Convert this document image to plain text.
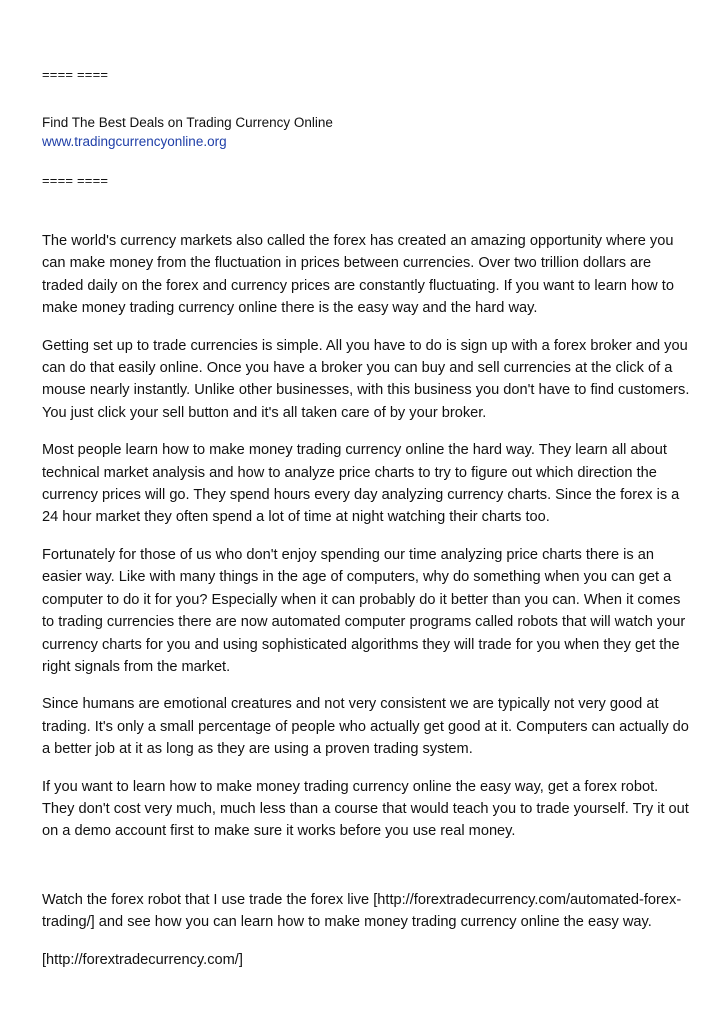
==== ====

Find The Best Deals on Trading Currency Online

www.tradingcurrencyonline.org

==== ====

The world's currency markets also called the forex has created an amazing opportunity where you can make money from the fluctuation in prices between currencies. Over two trillion dollars are traded daily on the forex and currency prices are constantly fluctuating. If you want to learn how to make money trading currency online there is the easy way and the hard way.

Getting set up to trade currencies is simple. All you have to do is sign up with a forex broker and you can do that easily online. Once you have a broker you can buy and sell currencies at the click of a mouse nearly instantly. Unlike other businesses, with this business you don't have to find customers. You just click your sell button and it's all taken care of by your broker.

Most people learn how to make money trading currency online the hard way. They learn all about technical market analysis and how to analyze price charts to try to figure out which direction the currency prices will go. They spend hours every day analyzing currency charts. Since the forex is a 24 hour market they often spend a lot of time at night watching their charts too.

Fortunately for those of us who don't enjoy spending our time analyzing price charts there is an easier way. Like with many things in the age of computers, why do something when you can get a computer to do it for you? Especially when it can probably do it better than you can. When it comes to trading currencies there are now automated computer programs called robots that will watch your currency charts for you and using sophisticated algorithms they will trade for you when they get the right signals from the market.

Since humans are emotional creatures and not very consistent we are typically not very good at trading. It's only a small percentage of people who actually get good at it. Computers can actually do a better job at it as long as they are using a proven trading system.

If you want to learn how to make money trading currency online the easy way, get a forex robot. They don't cost very much, much less than a course that would teach you to trade yourself. Try it out on a demo account first to make sure it works before you use real money.

Watch the forex robot that I use trade the forex live [http://forextradecurrency.com/automated-forex-trading/] and see how you can learn how to make money trading currency online the easy way.

[http://forextradecurrency.com/]
